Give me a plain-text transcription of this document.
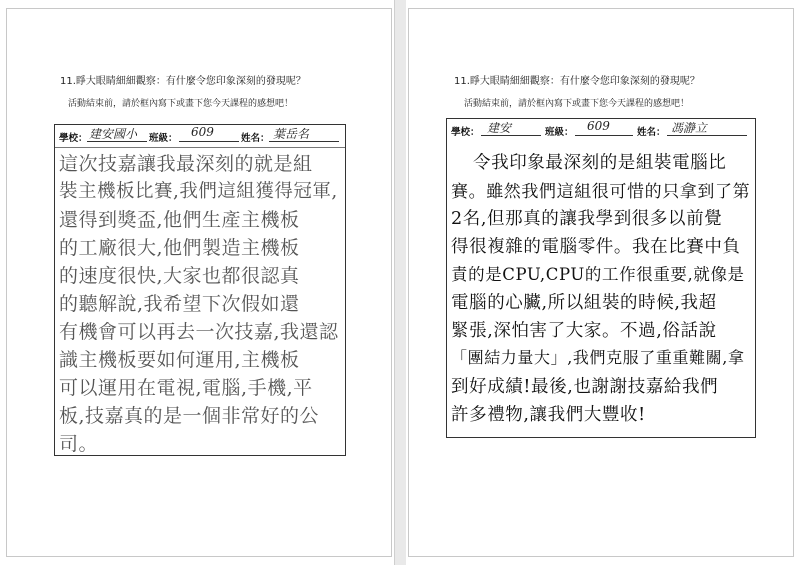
11.睜大眼睛細細觀察：有什麼令您印象深刻的發現呢？
活動結束前，請於框內寫下或畫下您今天課程的感想吧！
學校： 建安國小 班級： 609	姓名： 葉岳名
這次技嘉讓我最深刻的就是組
裝主機板比賽,我們這組獲得冠軍,
還得到獎盃,他們生產主機板
的工廠很大,他們製造主機板
的速度很快,大家也都很認真
的聽解說,我希望下次假如還
有機會可以再去一次技嘉,我還認
識主機板要如何運用,主機板
可以運用在電視,電腦,手機,平
板,技嘉真的是一個非常好的公
司。
11.睜大眼睛細細觀察：有什麼令您印象深刻的發現呢？
活動結束前，請於框內寫下或畫下您今天課程的感想吧！
學校： 建安	班級： 609	姓名： 馮瀞立
令我印象最深刻的是組裝電腦比
賽。雖然我們這組很可惜的只拿到了第
2名,但那真的讓我學到很多以前覺
得很複雜的電腦零件。我在比賽中負
責的是CPU,CPU的工作很重要,就像是
電腦的心臟,所以組裝的時候,我超
緊張,深怕害了大家。不過,俗話說
「團結力量大」,我們克服了重重難關,拿
到好成績!最後,也謝謝技嘉給我們
許多禮物,讓我們大豐收!
